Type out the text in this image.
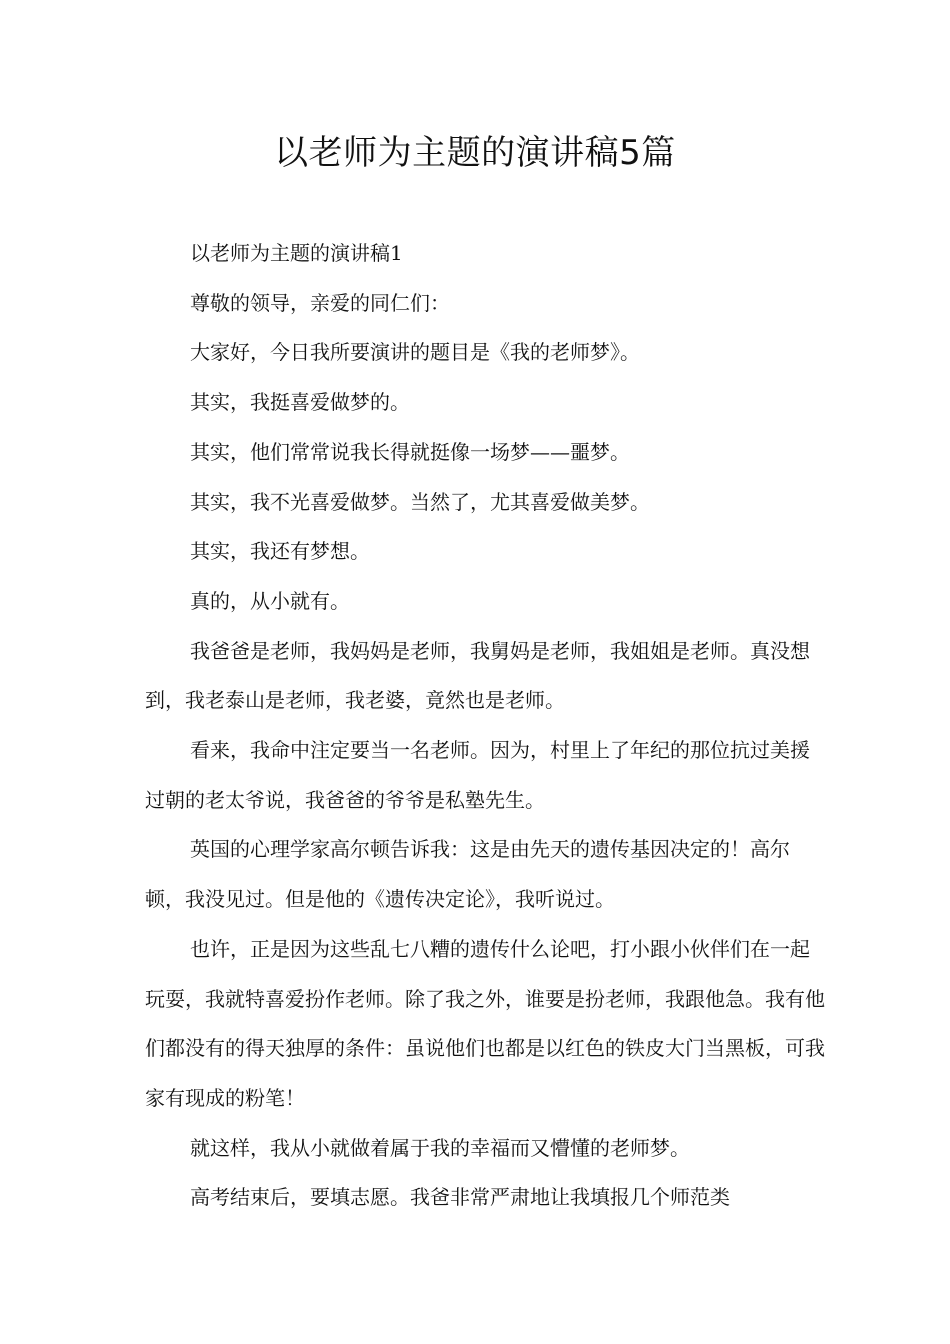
以老师为主题的演讲稿5篇

以老师为主题的演讲稿1

尊敬的领导，亲爱的同仁们：

大家好，今日我所要演讲的题目是《我的老师梦》。

其实，我挺喜爱做梦的。

其实，他们常常说我长得就挺像一场梦——噩梦。

其实，我不光喜爱做梦。当然了，尤其喜爱做美梦。

其实，我还有梦想。

真的，从小就有。

我爸爸是老师，我妈妈是老师，我舅妈是老师，我姐姐是老师。真没想到，我老泰山是老师，我老婆，竟然也是老师。

看来，我命中注定要当一名老师。因为，村里上了年纪的那位抗过美援过朝的老太爷说，我爸爸的爷爷是私塾先生。

英国的心理学家高尔顿告诉我：这是由先天的遗传基因决定的！高尔顿，我没见过。但是他的《遗传决定论》，我听说过。

也许，正是因为这些乱七八糟的遗传什么论吧，打小跟小伙伴们在一起玩耍，我就特喜爱扮作老师。除了我之外，谁要是扮老师，我跟他急。我有他们都没有的得天独厚的条件：虽说他们也都是以红色的铁皮大门当黑板，可我家有现成的粉笔！

就这样，我从小就做着属于我的幸福而又懵懂的老师梦。

高考结束后，要填志愿。我爸非常严肃地让我填报几个师范类
